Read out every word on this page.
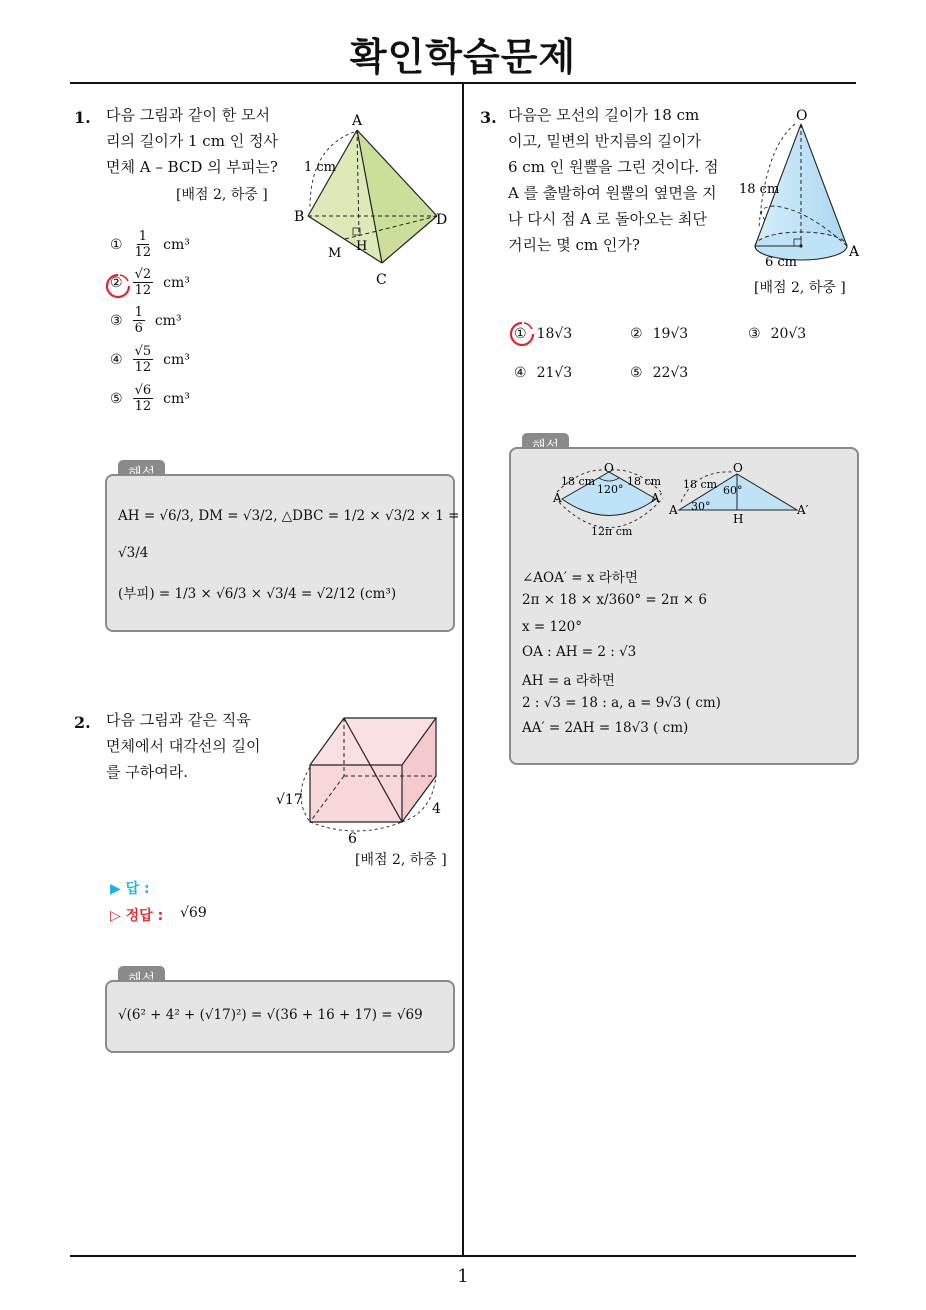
확인학습문제
1. 다음 그림과 같이 한 모서
리의 길이가 1 cm 인 정사
면체 A – BCD 의 부피는?
[배점 2, 하중 ]
A
B
C
D
H
M
1 cm
① $\frac{1}{12} cm^3$
② $\frac{√2}{12} cm^3$
③ $\frac{1}{6} cm^3$
④ $\frac{√5}{12} cm^3$
⑤ $\frac{√6}{12} cm^3$
AH = √6/3, DM = √3/2, △DBC = 1/2 × √3/2 × 1 =
√3/4
(부피) = 1/3 × √6/3 × √3/4 = √2/12 (cm³)
2. 다음 그림과 같은 직육
면체에서 대각선의 길이
를 구하여라.
√17
6
4
[배점 2, 하중 ]
▶ 답 :
▷ 정답 : √69
√(6² + 4² + (√17)²) = √(36 + 16 + 17) = √69
3. 다음은 모선의 길이가 18 cm
이고, 밑변의 반지름의 길이가
6 cm 인 원뿔을 그린 것이다. 점
A 를 출발하여 원뿔의 옆면을 지
나 다시 점 A 로 돌아오는 최단
거리는 몇 cm 인가?
O
A
18 cm
6 cm
[배점 2, 하중 ]
① 18√3	② 19√3	③ 20√3
④ 21√3	⑤ 22√3
O
A	A′
18 cm	18 cm
120°
12π cm
O
A	A′
H
18 cm 60°
30°
∠AOA′ = x 라하면
2π × 18 × x/360° = 2π × 6
x = 120°
OA : AH = 2 : √3
AH = a 라하면
2 : √3 = 18 : a, a = 9√3 ( cm)
AA′ = 2AH = 18√3 ( cm)
1
